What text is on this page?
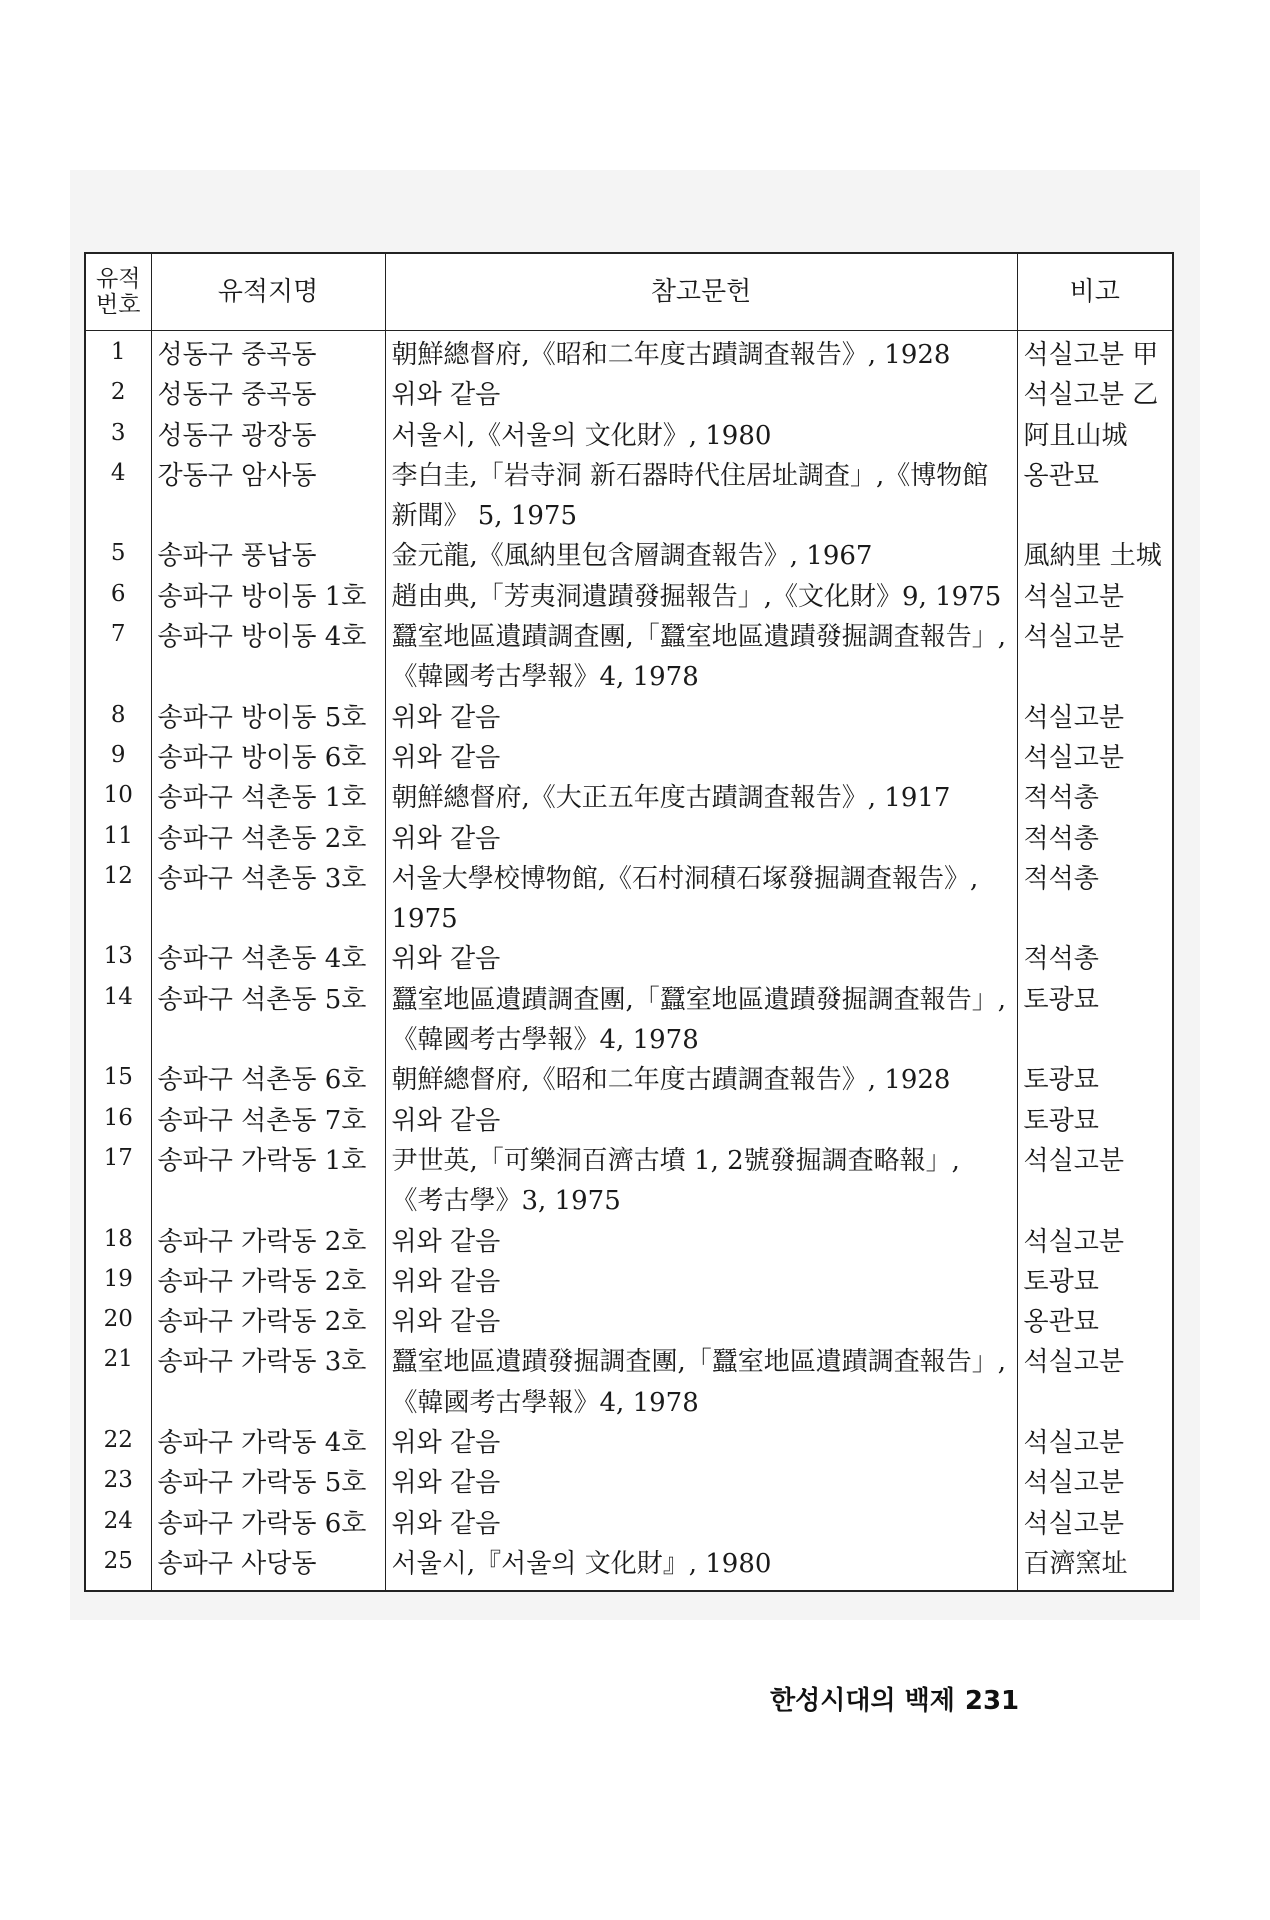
유적
번호	유적지명	참고문헌	비고
1	성동구 중곡동	朝鮮總督府,《昭和二年度古蹟調査報告》, 1928	석실고분 甲
2	성동구 중곡동	위와 같음	석실고분 乙
3	성동구 광장동	서울시,《서울의 文化財》, 1980	阿且山城
4	강동구 암사동	李白圭,「岩寺洞 新石器時代住居址調査」,《博物館新聞》 5, 1975	옹관묘
5	송파구 풍납동	金元龍,《風納里包含層調査報告》, 1967	風納里 土城
6	송파구 방이동 1호	趙由典,「芳夷洞遺蹟發掘報告」,《文化財》9, 1975	석실고분
7	송파구 방이동 4호	蠶室地區遺蹟調査團,「蠶室地區遺蹟發掘調査報告」,《韓國考古學報》4, 1978	석실고분
8	송파구 방이동 5호	위와 같음	석실고분
9	송파구 방이동 6호	위와 같음	석실고분
10	송파구 석촌동 1호	朝鮮總督府,《大正五年度古蹟調査報告》, 1917	적석총
11	송파구 석촌동 2호	위와 같음	적석총
12	송파구 석촌동 3호	서울大學校博物館,《石村洞積石塚發掘調査報告》, 1975	적석총
13	송파구 석촌동 4호	위와 같음	적석총
14	송파구 석촌동 5호	蠶室地區遺蹟調査團,「蠶室地區遺蹟發掘調査報告」,《韓國考古學報》4, 1978	토광묘
15	송파구 석촌동 6호	朝鮮總督府,《昭和二年度古蹟調査報告》, 1928	토광묘
16	송파구 석촌동 7호	위와 같음	토광묘
17	송파구 가락동 1호	尹世英,「可樂洞百濟古墳 1, 2號發掘調査略報」,《考古學》3, 1975	석실고분
18	송파구 가락동 2호	위와 같음	석실고분
19	송파구 가락동 2호	위와 같음	토광묘
20	송파구 가락동 2호	위와 같음	옹관묘
21	송파구 가락동 3호	蠶室地區遺蹟發掘調査團,「蠶室地區遺蹟調査報告」,《韓國考古學報》4, 1978	석실고분
22	송파구 가락동 4호	위와 같음	석실고분
23	송파구 가락동 5호	위와 같음	석실고분
24	송파구 가락동 6호	위와 같음	석실고분
25	송파구 사당동	서울시,『서울의 文化財』, 1980	百濟窯址
한성시대의 백제 231
